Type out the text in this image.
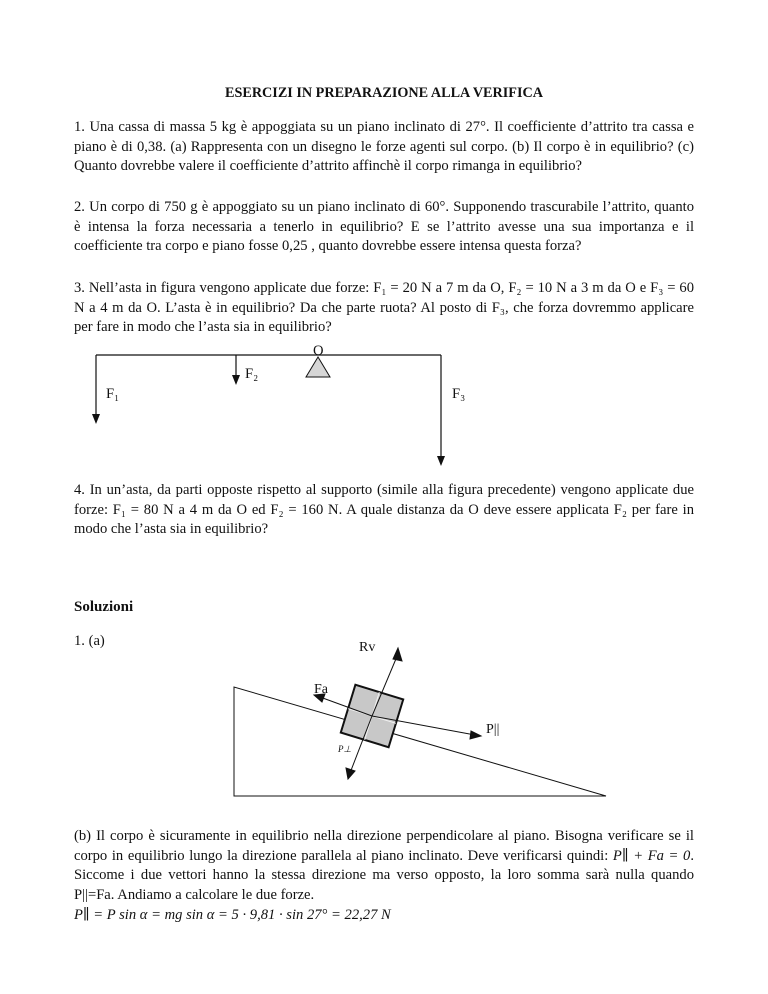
ESERCIZI IN PREPARAZIONE ALLA VERIFICA
1. Una cassa di massa 5 kg è appoggiata su un piano inclinato di 27°. Il coefficiente d’attrito tra cassa e piano è di 0,38. (a) Rappresenta con un disegno le forze agenti sul corpo. (b) Il corpo è in equilibrio? (c) Quanto dovrebbe valere il coefficiente d’attrito affinchè il corpo rimanga in equilibrio?
2. Un corpo di 750 g è appoggiato su un piano inclinato di 60°. Supponendo trascurabile l’attrito, quanto è intensa la forza necessaria a tenerlo in equilibrio? E se l’attrito avesse una sua importanza e il coefficiente tra corpo e piano fosse 0,25 , quanto dovrebbe essere intensa questa forza?
3. Nell’asta in figura vengono applicate due forze: F₁ = 20 N a 7 m da O, F₂ = 10 N a 3 m da O e F₃ = 60 N a 4 m da O. L’asta è in equilibrio? Da che parte ruota? Al posto di F₃, che forza dovremmo applicare per fare in modo che l’asta sia in equilibrio?
O
F₂
F₁	F₃
4. In un’asta, da parti opposte rispetto al supporto (simile alla figura precedente) vengono applicate due forze: F₁ = 80 N a 4 m da O ed F₂ = 160 N. A quale distanza da O deve essere applicata F₂ per fare in modo che l’asta sia in equilibrio?
Soluzioni
1. (a)	Rv
Fa
P||
P⊥
(b) Il corpo è sicuramente in equilibrio nella direzione perpendicolare al piano. Bisogna verificare se il corpo in equilibrio lungo la direzione parallela al piano inclinato. Deve verificarsi quindi: P∥ + Fa = 0. Siccome i due vettori hanno la stessa direzione ma verso opposto, la loro somma sarà nulla quando P||=Fa. Andiamo a calcolare le due forze.
P∥ = P sin α = mg sin α = 5 · 9,81 · sin 27° = 22,27 N
